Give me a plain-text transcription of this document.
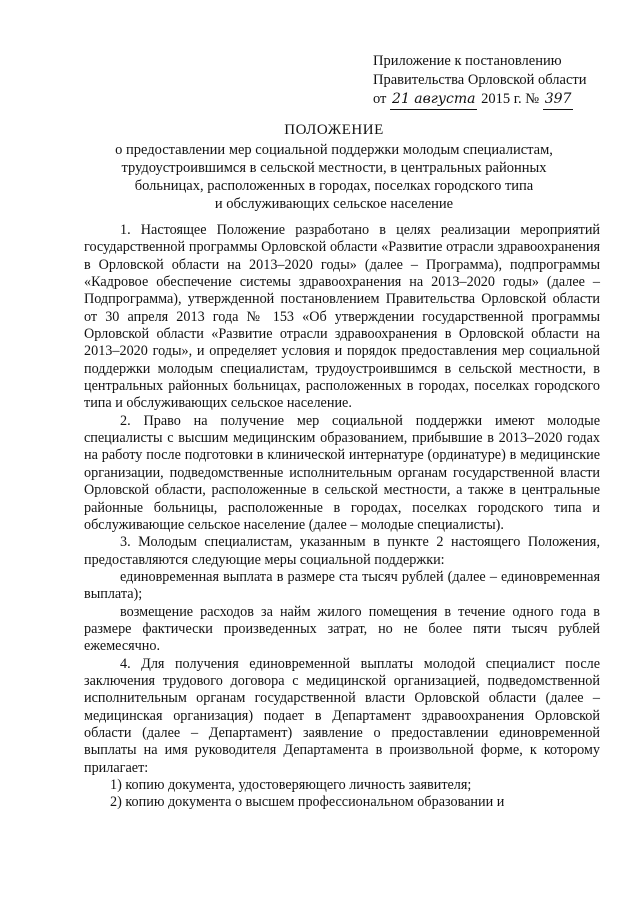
Приложение к постановлению
Правительства Орловской области
от 21 августа 2015 г. № 397
ПОЛОЖЕНИЕ
о предоставлении мер социальной поддержки молодым специалистам,
трудоустроившимся в сельской местности, в центральных районных
больницах, расположенных в городах, поселках городского типа
и обслуживающих сельское население

1. Настоящее Положение разработано в целях реализации мероприятий государственной программы Орловской области «Развитие отрасли здравоохранения в Орловской области на 2013–2020 годы» (далее – Программа), подпрограммы «Кадровое обеспечение системы здравоохранения на 2013–2020 годы» (далее – Подпрограмма), утвержденной постановлением Правительства Орловской области от 30 апреля 2013 года № 153 «Об утверждении государственной программы Орловской области «Развитие отрасли здравоохранения в Орловской области на 2013–2020 годы», и определяет условия и порядок предоставления мер социальной поддержки молодым специалистам, трудоустроившимся в сельской местности, в центральных районных больницах, расположенных в городах, поселках городского типа и обслуживающих сельское население.

2. Право на получение мер социальной поддержки имеют молодые специалисты с высшим медицинским образованием, прибывшие в 2013–2020 годах на работу после подготовки в клинической интернатуре (ординатуре) в медицинские организации, подведомственные исполнительным органам государственной власти Орловской области, расположенные в сельской местности, а также в центральные районные больницы, расположенные в городах, поселках городского типа и обслуживающие сельское население (далее – молодые специалисты).

3. Молодым специалистам, указанным в пункте 2 настоящего Положения, предоставляются следующие меры социальной поддержки:

единовременная выплата в размере ста тысяч рублей (далее – единовременная выплата);

возмещение расходов за найм жилого помещения в течение одного года в размере фактически произведенных затрат, но не более пяти тысяч рублей ежемесячно.

4. Для получения единовременной выплаты молодой специалист после заключения трудового договора с медицинской организацией, подведомственной исполнительным органам государственной власти Орловской области (далее – медицинская организация) подает в Департамент здравоохранения Орловской области (далее – Департамент) заявление о предоставлении единовременной выплаты на имя руководителя Департамента в произвольной форме, к которому прилагает:

1) копию документа, удостоверяющего личность заявителя;

2) копию документа о высшем профессиональном образовании и
